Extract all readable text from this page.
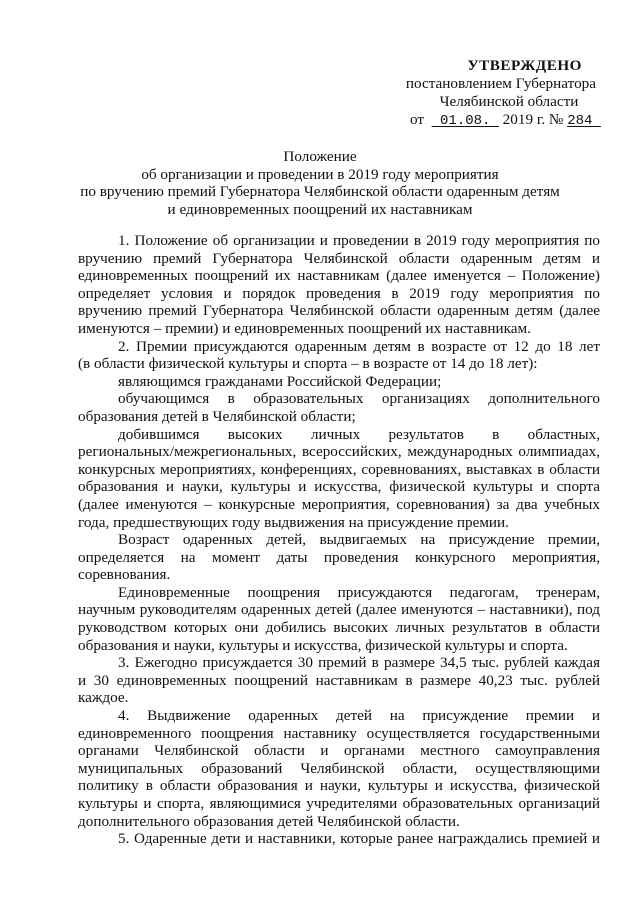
УТВЕРЖДЕНО
постановлением Губернатора
Челябинской области
от 01.08. 2019 г. № 284
Положение
об организации и проведении в 2019 году мероприятия
по вручению премий Губернатора Челябинской области одаренным детям
и единовременных поощрений их наставникам
1. Положение об организации и проведении в 2019 году мероприятия по
вручению премий Губернатора Челябинской области одаренным детям и
единовременных поощрений их наставникам (далее именуется – Положение)
определяет условия и порядок проведения в 2019 году мероприятия по
вручению премий Губернатора Челябинской области одаренным детям (далее
именуются – премии) и единовременных поощрений их наставникам.
2. Премии присуждаются одаренным детям в возрасте от 12 до 18 лет
(в области физической культуры и спорта – в возрасте от 14 до 18 лет):
являющимся гражданами Российской Федерации;
обучающимся в образовательных организациях дополнительного
образования детей в Челябинской области;
добившимся высоких личных результатов в областных,
региональных/межрегиональных, всероссийских, международных олимпиадах,
конкурсных мероприятиях, конференциях, соревнованиях, выставках в области
образования и науки, культуры и искусства, физической культуры и спорта
(далее именуются – конкурсные мероприятия, соревнования) за два учебных
года, предшествующих году выдвижения на присуждение премии.
Возраст одаренных детей, выдвигаемых на присуждение премии,
определяется на момент даты проведения конкурсного мероприятия,
соревнования.
Единовременные поощрения присуждаются педагогам, тренерам,
научным руководителям одаренных детей (далее именуются – наставники), под
руководством которых они добились высоких личных результатов в области
образования и науки, культуры и искусства, физической культуры и спорта.
3. Ежегодно присуждается 30 премий в размере 34,5 тыс. рублей каждая
и 30 единовременных поощрений наставникам в размере 40,23 тыс. рублей
каждое.
4. Выдвижение одаренных детей на присуждение премии и
единовременного поощрения наставнику осуществляется государственными
органами Челябинской области и органами местного самоуправления
муниципальных образований Челябинской области, осуществляющими
политику в области образования и науки, культуры и искусства, физической
культуры и спорта, являющимися учредителями образовательных организаций
дополнительного образования детей Челябинской области.
5. Одаренные дети и наставники, которые ранее награждались премией и
